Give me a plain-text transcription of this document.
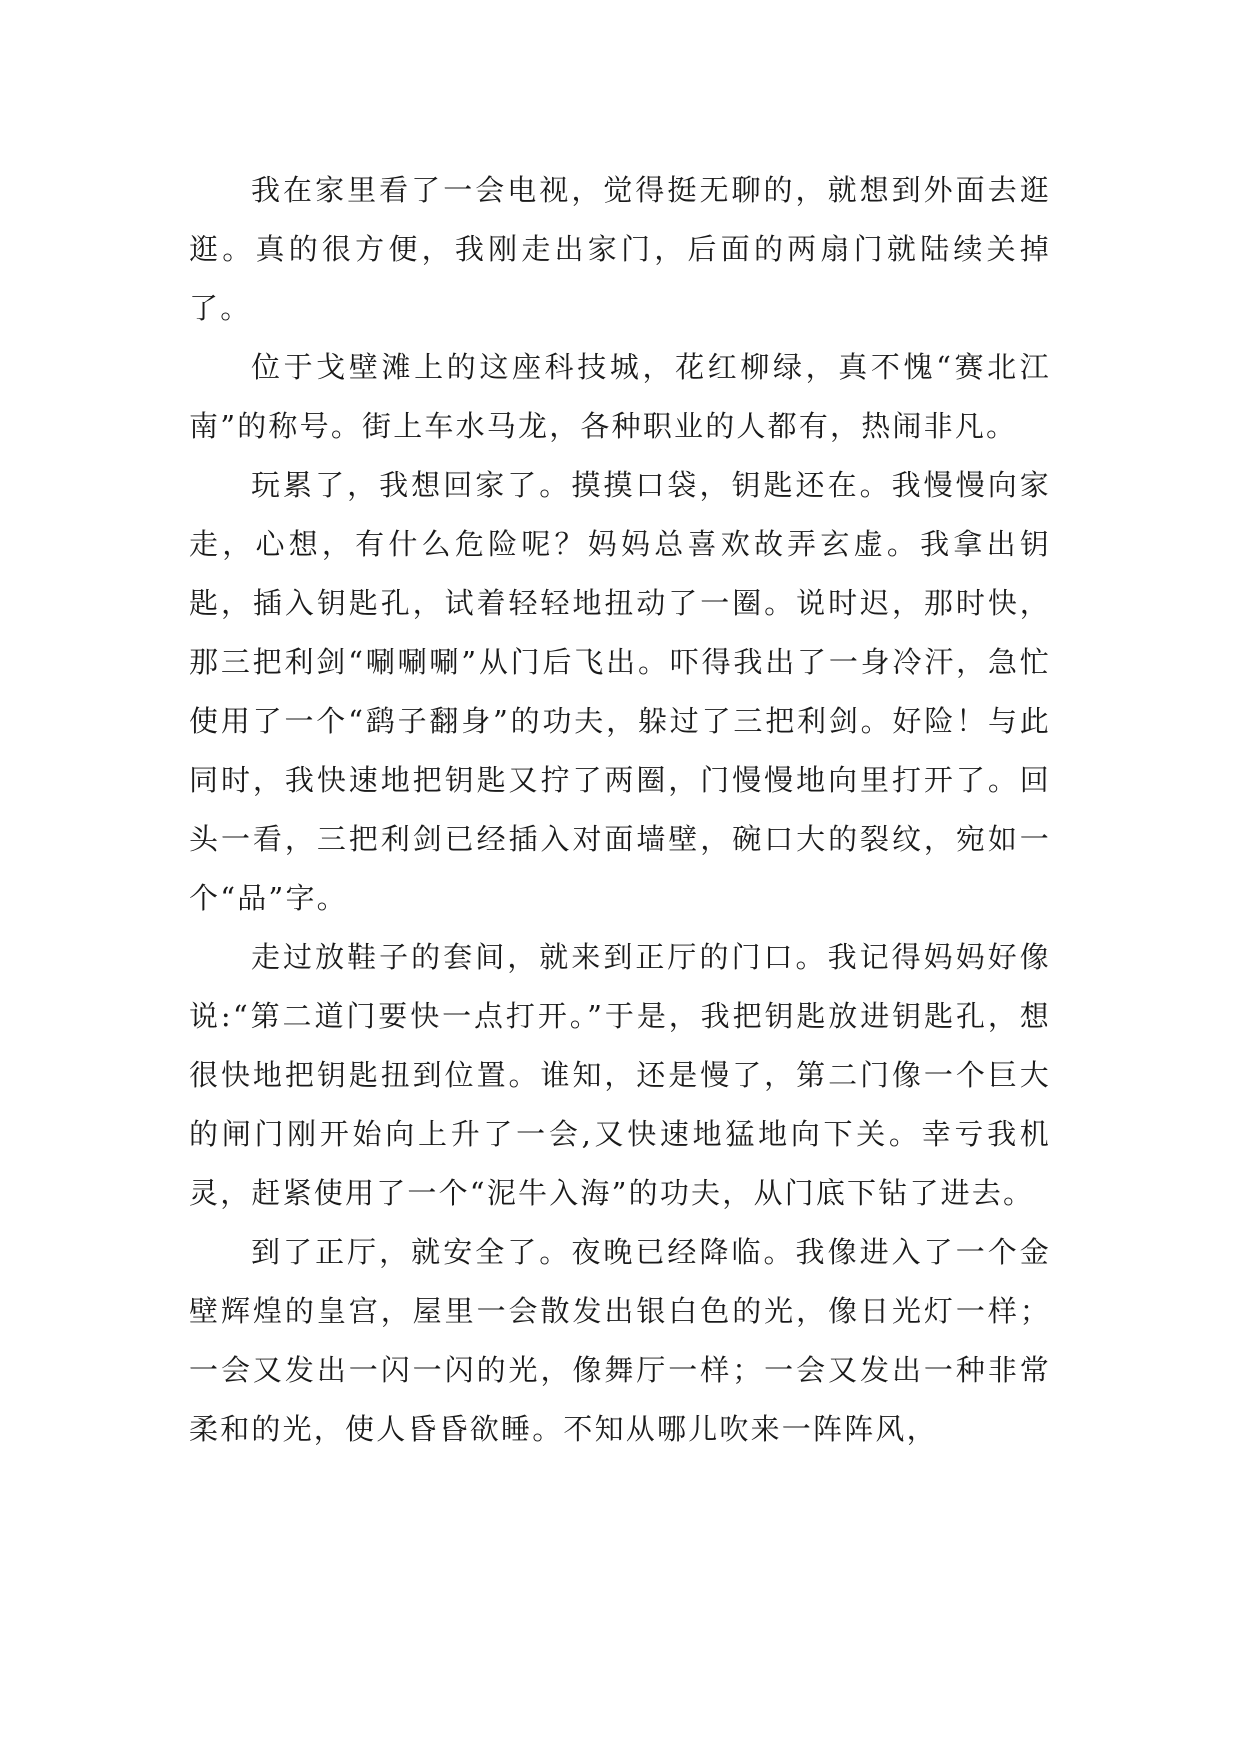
我在家里看了一会电视，觉得挺无聊的，就想到外面去逛逛。真的很方便，我刚走出家门，后面的两扇门就陆续关掉了。

位于戈壁滩上的这座科技城，花红柳绿，真不愧“赛北江南”的称号。街上车水马龙，各种职业的人都有，热闹非凡。

玩累了，我想回家了。摸摸口袋，钥匙还在。我慢慢向家走，心想，有什么危险呢？妈妈总喜欢故弄玄虚。我拿出钥匙，插入钥匙孔，试着轻轻地扭动了一圈。说时迟，那时快，那三把利剑“唰唰唰”从门后飞出。吓得我出了一身冷汗，急忙使用了一个“鹞子翻身”的功夫，躲过了三把利剑。好险！与此同时，我快速地把钥匙又拧了两圈，门慢慢地向里打开了。回头一看，三把利剑已经插入对面墙壁，碗口大的裂纹，宛如一个“品”字。

走过放鞋子的套间，就来到正厅的门口。我记得妈妈好像说:“第二道门要快一点打开。”于是，我把钥匙放进钥匙孔，想很快地把钥匙扭到位置。谁知，还是慢了，第二门像一个巨大的闸门刚开始向上升了一会,又快速地猛地向下关。幸亏我机灵，赶紧使用了一个“泥牛入海”的功夫，从门底下钻了进去。

到了正厅，就安全了。夜晚已经降临。我像进入了一个金壁辉煌的皇宫，屋里一会散发出银白色的光，像日光灯一样；一会又发出一闪一闪的光，像舞厅一样；一会又发出一种非常柔和的光，使人昏昏欲睡。不知从哪儿吹来一阵阵风，
